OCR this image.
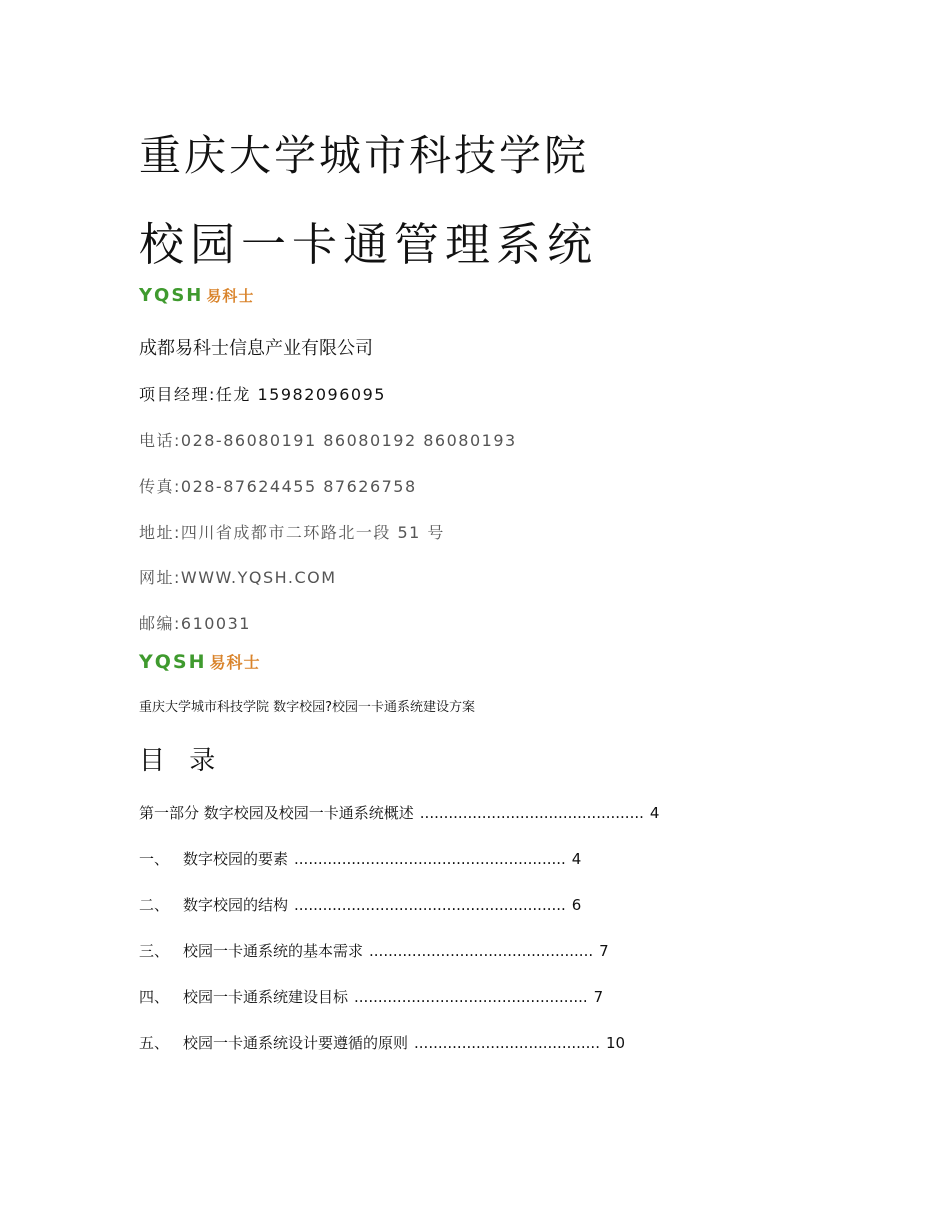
重庆大学城市科技学院
校园一卡通管理系统
YQSH 易科士
成都易科士信息产业有限公司
项目经理:任龙 15982096095
电话:028-86080191 86080192 86080193
传真:028-87624455 87626758
地址:四川省成都市二环路北一段 51 号
网址:WWW.YQSH.COM
邮编:610031
YQSH 易科士
重庆大学城市科技学院 数字校园?校园一卡通系统建设方案
目 录
第一部分 数字校园及校园一卡通系统概述 ............................................... 4
一、 数字校园的要素 ......................................................... 4
二、 数字校园的结构 ......................................................... 6
三、 校园一卡通系统的基本需求 ............................................... 7
四、 校园一卡通系统建设目标 ................................................. 7
五、 校园一卡通系统设计要遵循的原则 ....................................... 10
